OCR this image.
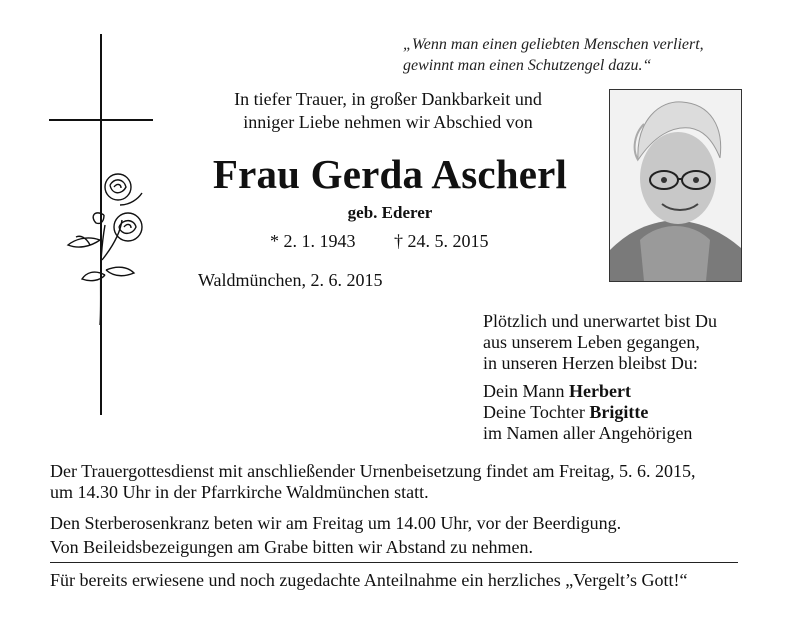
„Wenn man einen geliebten Menschen verliert,
gewinnt man einen Schutzengel dazu.“
In tiefer Trauer, in großer Dankbarkeit und
inniger Liebe nehmen wir Abschied von
Frau Gerda Ascherl
geb. Ederer
* 2. 1. 1943 † 24. 5. 2015
Waldmünchen, 2. 6. 2015
Plötzlich und unerwartet bist Du
aus unserem Leben gegangen,
in unseren Herzen bleibst Du:
Dein Mann Herbert
Deine Tochter Brigitte
im Namen aller Angehörigen
Der Trauergottesdienst mit anschließender Urnenbeisetzung findet am Freitag, 5. 6. 2015,
um 14.30 Uhr in der Pfarrkirche Waldmünchen statt.
Den Sterberosenkranz beten wir am Freitag um 14.00 Uhr, vor der Beerdigung.
Von Beileidsbezeigungen am Grabe bitten wir Abstand zu nehmen.
Für bereits erwiesene und noch zugedachte Anteilnahme ein herzliches „Vergelt’s Gott!“
